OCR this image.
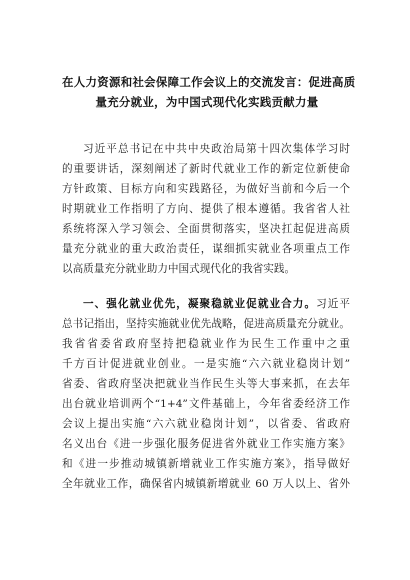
在人力资源和社会保障工作会议上的交流发言：促进高质
量充分就业，为中国式现代化实践贡献力量
习近平总书记在中共中央政治局第十四次集体学习时
的重要讲话，深刻阐述了新时代就业工作的新定位新使命
方针政策、目标方向和实践路径，为做好当前和今后一个
时期就业工作指明了方向、提供了根本遵循。我省省人社
系统将深入学习领会、全面贯彻落实，坚决扛起促进高质
量充分就业的重大政治责任，谋细抓实就业各项重点工作
以高质量充分就业助力中国式现代化的我省实践。
一、强化就业优先，凝聚稳就业促就业合力。习近平
总书记指出，坚持实施就业优先战略，促进高质量充分就业。
我省省委省政府坚持把稳就业作为民生工作重中之重
千方百计促进就业创业。一是实施“六六就业稳岗计划”
省委、省政府坚决把就业当作民生头等大事来抓，在去年
出台就业培训两个“1+4”文件基础上，今年省委经济工作
会议上提出实施“六六就业稳岗计划”，以省委、省政府
名义出台《进一步强化服务促进省外就业工作实施方案》
和《进一步推动城镇新增就业工作实施方案》，指导做好
全年就业工作，确保省内城镇新增就业 60 万人以上、省外
